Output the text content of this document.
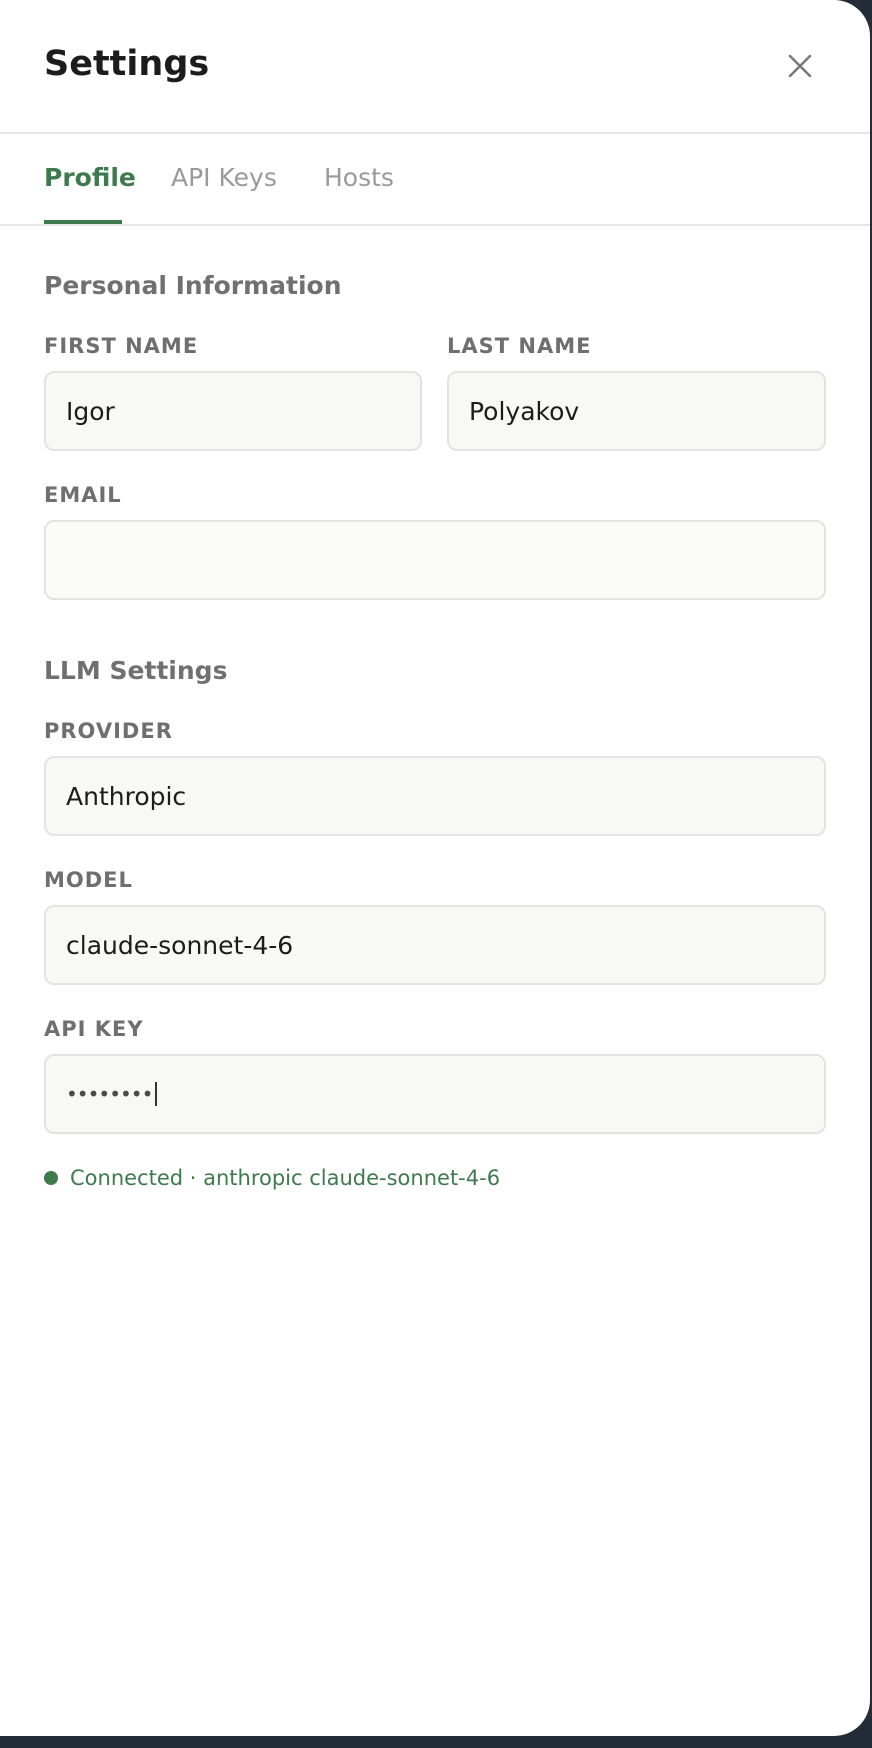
Settings
Profile API Keys Hosts
Personal Information
FIRST NAME
Igor
LAST NAME
Polyakov
EMAIL
LLM Settings
PROVIDER
Anthropic
MODEL
claude-sonnet-4-6
API KEY
••••••••
Connected · anthropic claude-sonnet-4-6
